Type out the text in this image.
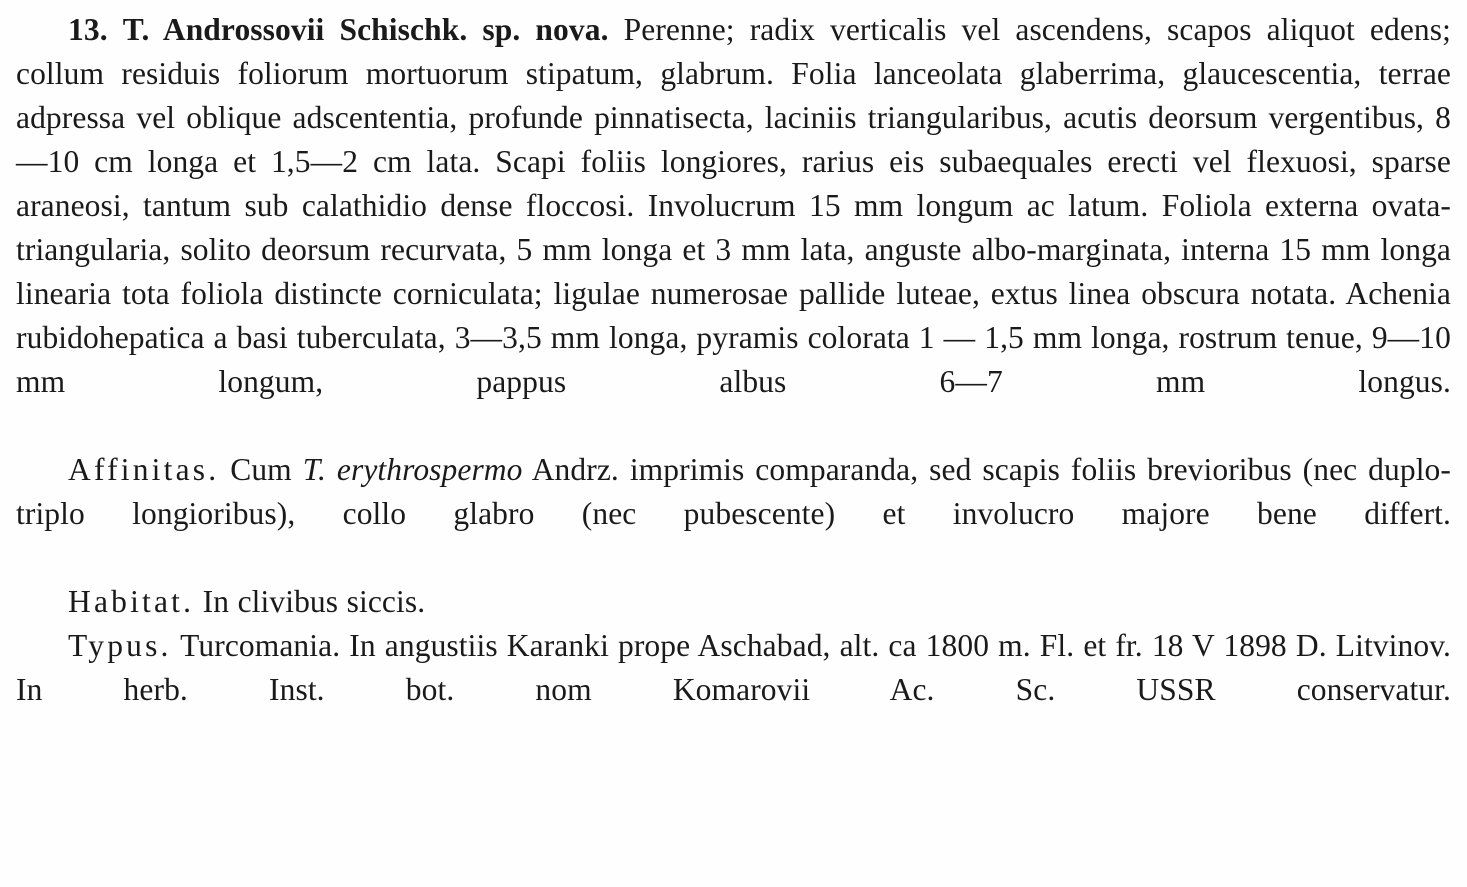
13. T. Androssovii Schischk. sp. nova. Perenne; radix verticalis vel ascendens, scapos aliquot edens; collum residuis foliorum mortuorum stipatum, glabrum. Folia lanceolata glaberrima, glaucescentia, terrae adpressa vel oblique adscententia, profunde pinnatisecta, laciniis triangularibus, acutis deorsum vergentibus, 8—10 cm longa et 1,5—2 cm lata. Scapi foliis longiores, rarius eis subaequales erecti vel flexuosi, sparse araneosi, tantum sub calathidio dense floccosi. Involucrum 15 mm longum ac latum. Foliola externa ovata-triangularia, solito deorsum recurvata, 5 mm longa et 3 mm lata, anguste albo-marginata, interna 15 mm longa linearia tota foliola distincte corniculata; ligulae numerosae pallide luteae, extus linea obscura notata. Achenia rubidohepatica a basi tuberculata, 3—3,5 mm longa, pyramis colorata 1 — 1,5 mm longa, rostrum tenue, 9—10 mm longum, pappus albus 6—7 mm longus.

Affinitas. Cum T. erythrospermo Andrz. imprimis comparanda, sed scapis foliis brevioribus (nec duplo-triplo longioribus), collo glabro (nec pubescente) et involucro majore bene differt.

Habitat. In clivibus siccis.

Typus. Turcomania. In angustiis Karanki prope Aschabad, alt. ca 1800 m. Fl. et fr. 18 V 1898 D. Litvinov. In herb. Inst. bot. nom Komarovii Ac. Sc. USSR conservatur.
